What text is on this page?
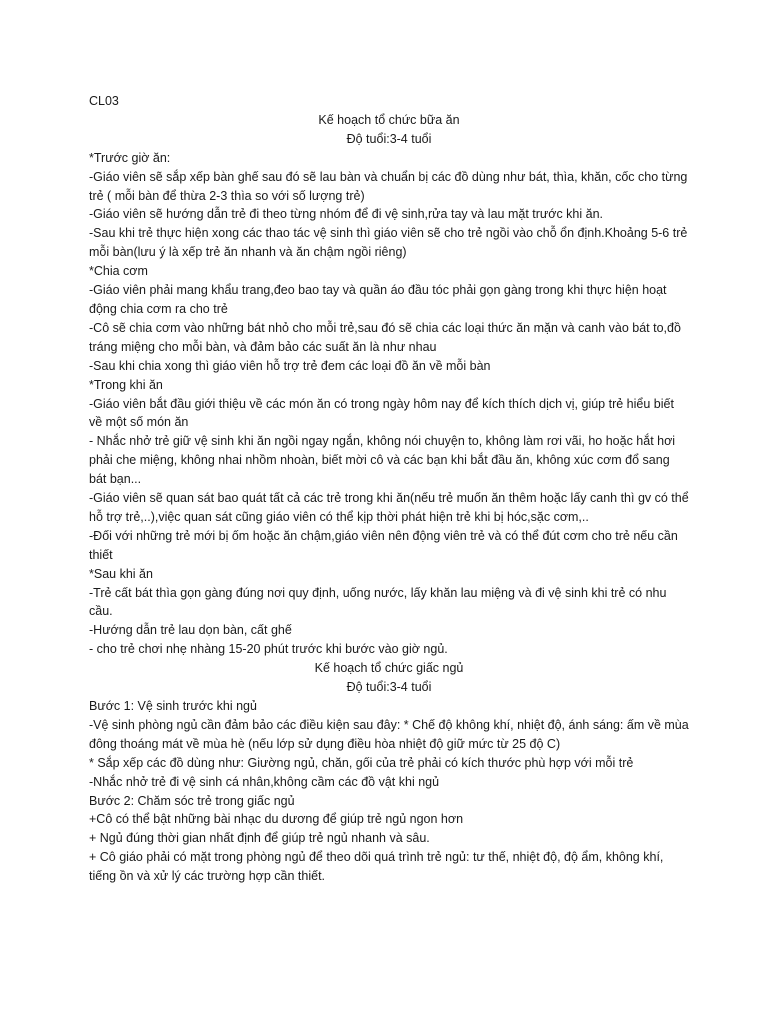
CL03
Kế hoạch tổ chức bữa ăn
Độ tuổi:3-4 tuổi
*Trước giờ ăn:
-Giáo viên sẽ sắp xếp bàn ghế sau đó sẽ lau bàn và chuẩn bị các đồ dùng như bát, thìa, khăn, cốc cho từng trẻ ( mỗi bàn để thừa 2-3 thìa so với số lượng trẻ)
-Giáo viên sẽ hướng dẫn trẻ đi theo từng nhóm để đi vệ sinh,rửa tay và lau mặt trước khi ăn.
-Sau khi trẻ thực hiện xong các thao tác vệ sinh thì giáo viên sẽ cho trẻ ngồi vào chỗ ổn định.Khoảng 5-6 trẻ mỗi bàn(lưu ý là xếp trẻ ăn nhanh và ăn chậm ngồi riêng)
*Chia cơm
-Giáo viên phải mang khẩu trang,đeo bao tay và quần áo đầu tóc phải gọn gàng trong khi thực hiện hoạt động chia cơm ra cho trẻ
-Cô sẽ chia cơm vào những bát nhỏ cho mỗi trẻ,sau đó sẽ chia các loại thức ăn mặn và canh vào bát to,đồ tráng miệng cho mỗi bàn, và đảm bảo các suất ăn là như nhau
-Sau khi chia xong thì giáo viên hỗ trợ trẻ đem các loại đồ ăn về mỗi bàn
*Trong khi ăn
-Giáo viên bắt đầu giới thiệu về các món ăn có trong ngày hôm nay để kích thích dịch vị, giúp trẻ hiểu biết về một số món ăn
- Nhắc nhở trẻ giữ vệ sinh khi ăn ngồi ngay ngắn, không nói chuyện to, không làm rơi vãi, ho hoặc hắt hơi phải che miệng, không nhai nhồm nhoàn, biết mời cô và các bạn khi bắt đầu ăn, không xúc cơm đổ sang bát bạn...
-Giáo viên sẽ quan sát bao quát tất cả các trẻ trong khi ăn(nếu trẻ muốn ăn thêm hoặc lấy canh thì gv có thể hỗ trợ trẻ,..),việc quan sát cũng giáo viên có thể kịp thời phát hiện trẻ khi bị hóc,sặc cơm,..
-Đối với những trẻ mới bị ốm hoặc ăn chậm,giáo viên nên động viên trẻ và có thể đút cơm cho trẻ nếu cần thiết
*Sau khi ăn
-Trẻ cất bát thìa gọn gàng đúng nơi quy định, uống nước, lấy khăn lau miệng và đi vệ sinh khi trẻ có nhu cầu.
-Hướng dẫn trẻ lau dọn bàn, cất ghế
- cho trẻ chơi nhẹ nhàng 15-20 phút trước khi bước vào giờ ngủ.
Kế hoạch tổ chức giấc ngủ
Độ tuổi:3-4 tuổi
Bước 1: Vệ sinh trước khi ngủ
-Vệ sinh phòng ngủ cần đảm bảo các điều kiện sau đây: * Chế độ không khí, nhiệt độ, ánh sáng: ấm về mùa đông thoáng mát về mùa hè (nếu lớp sử dụng điều hòa nhiệt độ giữ mức từ 25 độ C)
* Sắp xếp các đồ dùng như: Giường ngủ, chăn, gối của trẻ phải có kích thước phù hợp với mỗi trẻ
-Nhắc nhở trẻ đi vệ sinh cá nhân,không cầm các đồ vật khi ngủ
Bước 2: Chăm sóc trẻ trong giấc ngủ
+Cô có thể bật những bài nhạc du dương để giúp trẻ ngủ ngon hơn
+ Ngủ đúng thời gian nhất định để giúp trẻ ngủ nhanh và sâu.
+ Cô giáo phải có mặt trong phòng ngủ để theo dõi quá trình trẻ ngủ: tư thế, nhiệt độ, độ ẩm, không khí, tiếng ồn và xử lý các trường hợp cần thiết.
